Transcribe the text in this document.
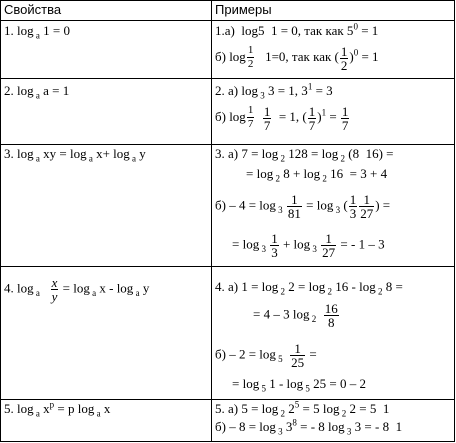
Свойства	Примеры
1. log $_a$ 1 = 0	1.а)  log5  1 = 0, так как $5^0 = 1$
б) $\log \frac{1}{2} 1=0$, так как ( $\frac{1}{2} )^0 = 1$
2. log $_a$ a = 1	2. а) log $_3$ 3 = 1, $3^1 = 3$
б) $\log \frac{1}{7}$
$\frac{1}{7} = 1$, ( $\frac{1}{7} )^1 = \frac{1}{7}$
3. log $_a$ xy = log $_a$ x+ log $_a$ y	3. а) 7 = log $_2$ 128 = log $_2$ (8  16) =
= log $_2$ 8 + log $_2$ 16  = 3 + 4
$б) - 4 = \log _3 \frac{1}{81} = \log _3$ ( $\frac{1}{3} \frac{1}{27}$ ) =
= $\log _3 \frac{1}{3} + \log _3 \frac{1}{27}$ = - 1 – 3
4. $\log _a \frac{x}{y} = \log _a$ x - log $_a$ y	4. а) 1 = log $_2$ 2 = log $_2$ 16 - log $_2$ 8 =
= 4 – 3 $\log _2 \frac{16}{8}$
$б) - 2 = \log _5 \frac{1}{25}$ =
= log $_5$ 1 - log $_5$ 25 = 0 – 2
5. log $_a$ $x^p = p$ log $_a$ x	5. а) 5 = log $_2$ $2^5 = 5$ log $_2$ 2 = 5  1
б) – 8 = log $_3$ $3^8$ = - 8 log $_3$ 3 = - 8  1
